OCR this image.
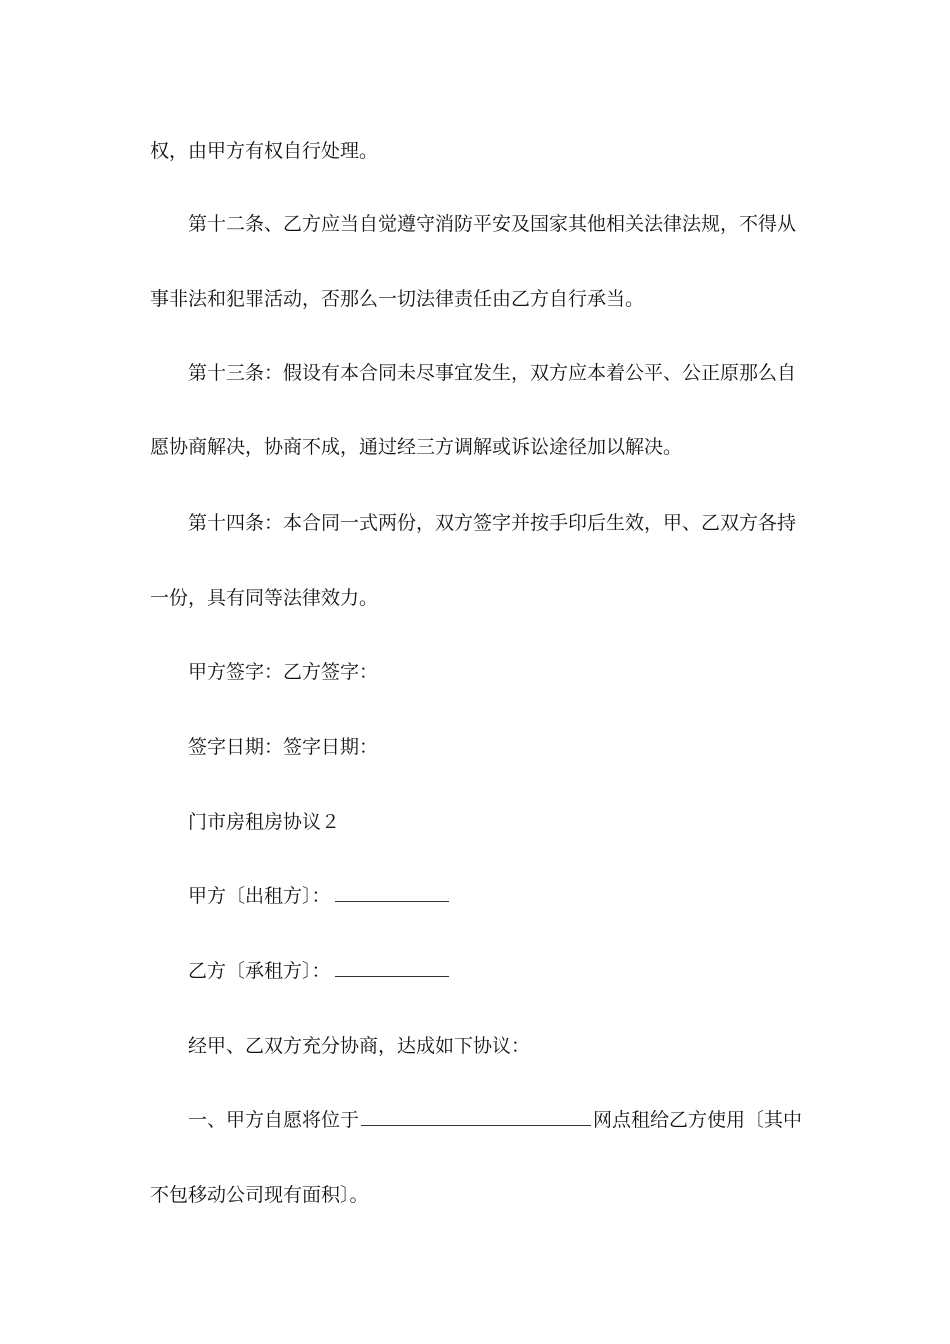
权，由甲方有权自行处理。
第十二条、乙方应当自觉遵守消防平安及国家其他相关法律法规，不得从
事非法和犯罪活动，否那么一切法律责任由乙方自行承当。
第十三条：假设有本合同未尽事宜发生，双方应本着公平、公正原那么自
愿协商解决，协商不成，通过经三方调解或诉讼途径加以解决。
第十四条：本合同一式两份，双方签字并按手印后生效，甲、乙双方各持
一份，具有同等法律效力。
甲方签字：乙方签字：
签字日期：签字日期：
门市房租房协议２
甲方〔出租方〕：
乙方〔承租方〕：
经甲、乙双方充分协商，达成如下协议：
一、甲方自愿将位于	网点租给乙方使用〔其中
不包移动公司现有面积〕。
